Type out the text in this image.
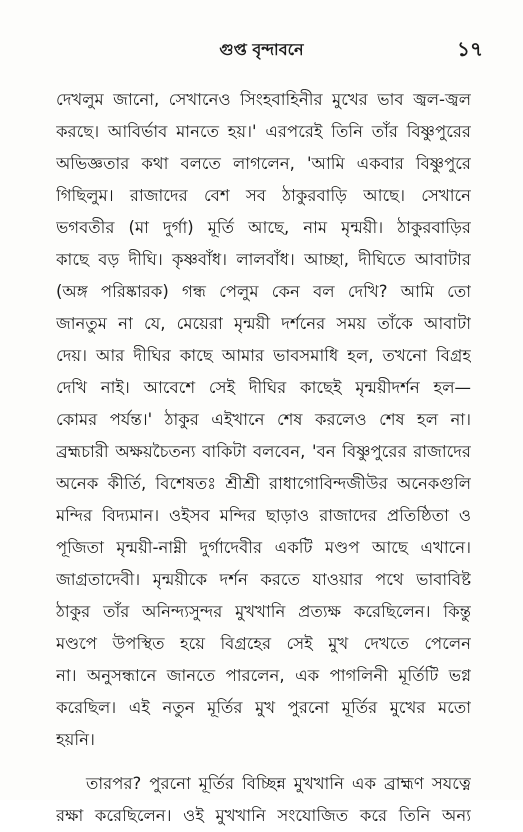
গুপ্ত বৃন্দাবনে	১৭
দেখলুম জানো, সেখানেও সিংহবাহিনীর মুখের ভাব জ্বল-জ্বল
করছে। আবির্ভাব মানতে হয়।' এরপরেই তিনি তাঁর বিষ্ণুপুরের
অভিজ্ঞতার কথা বলতে লাগলেন, 'আমি একবার বিষ্ণুপুরে
গিছিলুম। রাজাদের বেশ সব ঠাকুরবাড়ি আছে। সেখানে
ভগবতীর (মা দুর্গা) মূর্তি আছে, নাম মৃন্ময়ী। ঠাকুরবাড়ির
কাছে বড় দীঘি। কৃষ্ণবাঁধ। লালবাঁধ। আচ্ছা, দীঘিতে আবাটার
(অঙ্গ পরিষ্কারক) গন্ধ পেলুম কেন বল দেখি? আমি তো
জানতুম না যে, মেয়েরা মৃন্ময়ী দর্শনের সময় তাঁকে আবাটা
দেয়। আর দীঘির কাছে আমার ভাবসমাধি হল, তখনো বিগ্রহ
দেখি নাই। আবেশে সেই দীঘির কাছেই মৃন্ময়ীদর্শন হল—
কোমর পর্যন্ত।' ঠাকুর এইখানে শেষ করলেও শেষ হল না।
ব্রহ্মচারী অক্ষয়চৈতন্য বাকিটা বলবেন, 'বন বিষ্ণুপুরের রাজাদের
অনেক কীর্তি, বিশেষতঃ শ্রীশ্রী রাধাগোবিন্দজীউর অনেকগুলি
মন্দির বিদ্যমান। ওইসব মন্দির ছাড়াও রাজাদের প্রতিষ্ঠিতা ও
পূজিতা মৃন্ময়ী-নাম্নী দুর্গাদেবীর একটি মণ্ডপ আছে এখানে।
জাগ্রতাদেবী। মৃন্ময়ীকে দর্শন করতে যাওয়ার পথে ভাবাবিষ্ট
ঠাকুর তাঁর অনিন্দ্যসুন্দর মুখখানি প্রত্যক্ষ করেছিলেন। কিন্তু
মণ্ডপে উপস্থিত হয়ে বিগ্রহের সেই মুখ দেখতে পেলেন
না। অনুসন্ধানে জানতে পারলেন, এক পাগলিনী মূর্তিটি ভগ্ন
করেছিল। এই নতুন মূর্তির মুখ পুরনো মূর্তির মুখের মতো
হয়নি।
তারপর? পুরনো মূর্তির বিচ্ছিন্ন মুখখানি এক ব্রাহ্মণ সযত্নে
রক্ষা করেছিলেন। ওই মুখখানি সংযোজিত করে তিনি অন্য
